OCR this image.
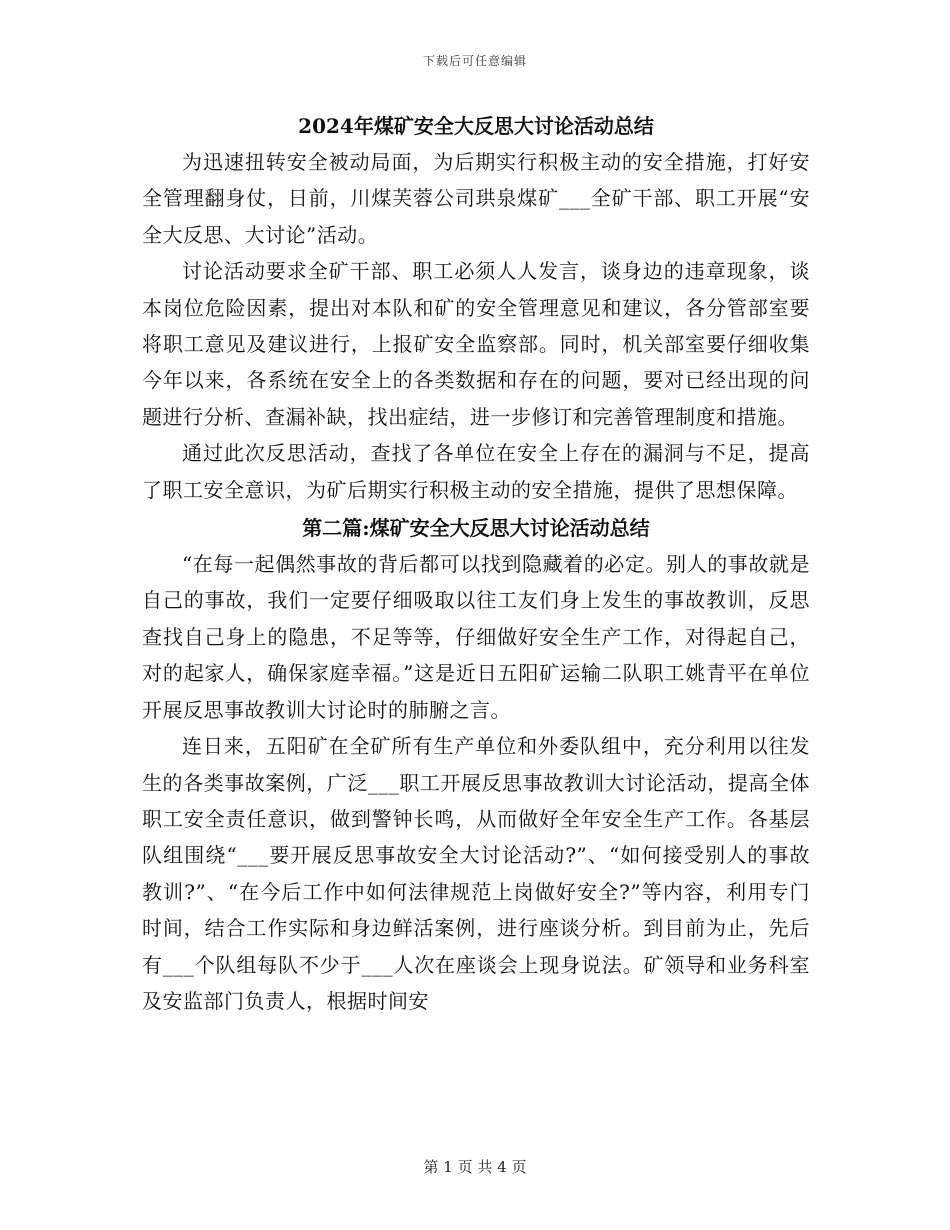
下载后可任意编辑
2024年煤矿安全大反思大讨论活动总结

为迅速扭转安全被动局面，为后期实行积极主动的安全措施，打好安全管理翻身仗，日前，川煤芙蓉公司珙泉煤矿___全矿干部、职工开展“安全大反思、大讨论”活动。

讨论活动要求全矿干部、职工必须人人发言，谈身边的违章现象，谈本岗位危险因素，提出对本队和矿的安全管理意见和建议，各分管部室要将职工意见及建议进行，上报矿安全监察部。同时，机关部室要仔细收集今年以来，各系统在安全上的各类数据和存在的问题，要对已经出现的问题进行分析、查漏补缺，找出症结，进一步修订和完善管理制度和措施。

通过此次反思活动，查找了各单位在安全上存在的漏洞与不足，提高了职工安全意识，为矿后期实行积极主动的安全措施，提供了思想保障。

第二篇:煤矿安全大反思大讨论活动总结

“在每一起偶然事故的背后都可以找到隐藏着的必定。别人的事故就是自己的事故，我们一定要仔细吸取以往工友们身上发生的事故教训，反思查找自己身上的隐患，不足等等，仔细做好安全生产工作，对得起自己，对的起家人，确保家庭幸福。”这是近日五阳矿运输二队职工姚青平在单位开展反思事故教训大讨论时的肺腑之言。

连日来，五阳矿在全矿所有生产单位和外委队组中，充分利用以往发生的各类事故案例，广泛___职工开展反思事故教训大讨论活动，提高全体职工安全责任意识，做到警钟长鸣，从而做好全年安全生产工作。各基层队组围绕“___要开展反思事故安全大讨论活动?”、“如何接受别人的事故教训?”、“在今后工作中如何法律规范上岗做好安全?”等内容，利用专门时间，结合工作实际和身边鲜活案例，进行座谈分析。到目前为止，先后有___个队组每队不少于___人次在座谈会上现身说法。矿领导和业务科室及安监部门负责人，根据时间安

第 1 页 共 4 页
